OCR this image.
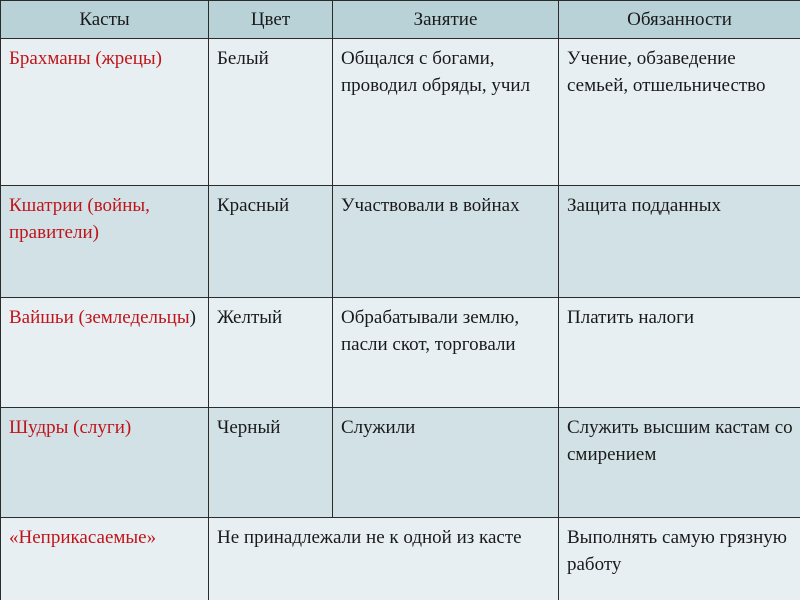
Касты	Цвет	Занятие	Обязанности
Брахманы (жрецы)	Белый	Общался с богами, проводил обряды, учил	Учение, обзаведение семьей, отшельничество
Кшатрии (войны, правители)	Красный	Участвовали в войнах	Защита подданных
Вайшьи (земледельцы)	Желтый	Обрабатывали землю, пасли скот, торговали	Платить налоги
Шудры (слуги)	Черный	Служили	Служить высшим кастам со смирением
«Неприкасаемые»	Не принадлежали не к одной из касте		Выполнять самую грязную работу
